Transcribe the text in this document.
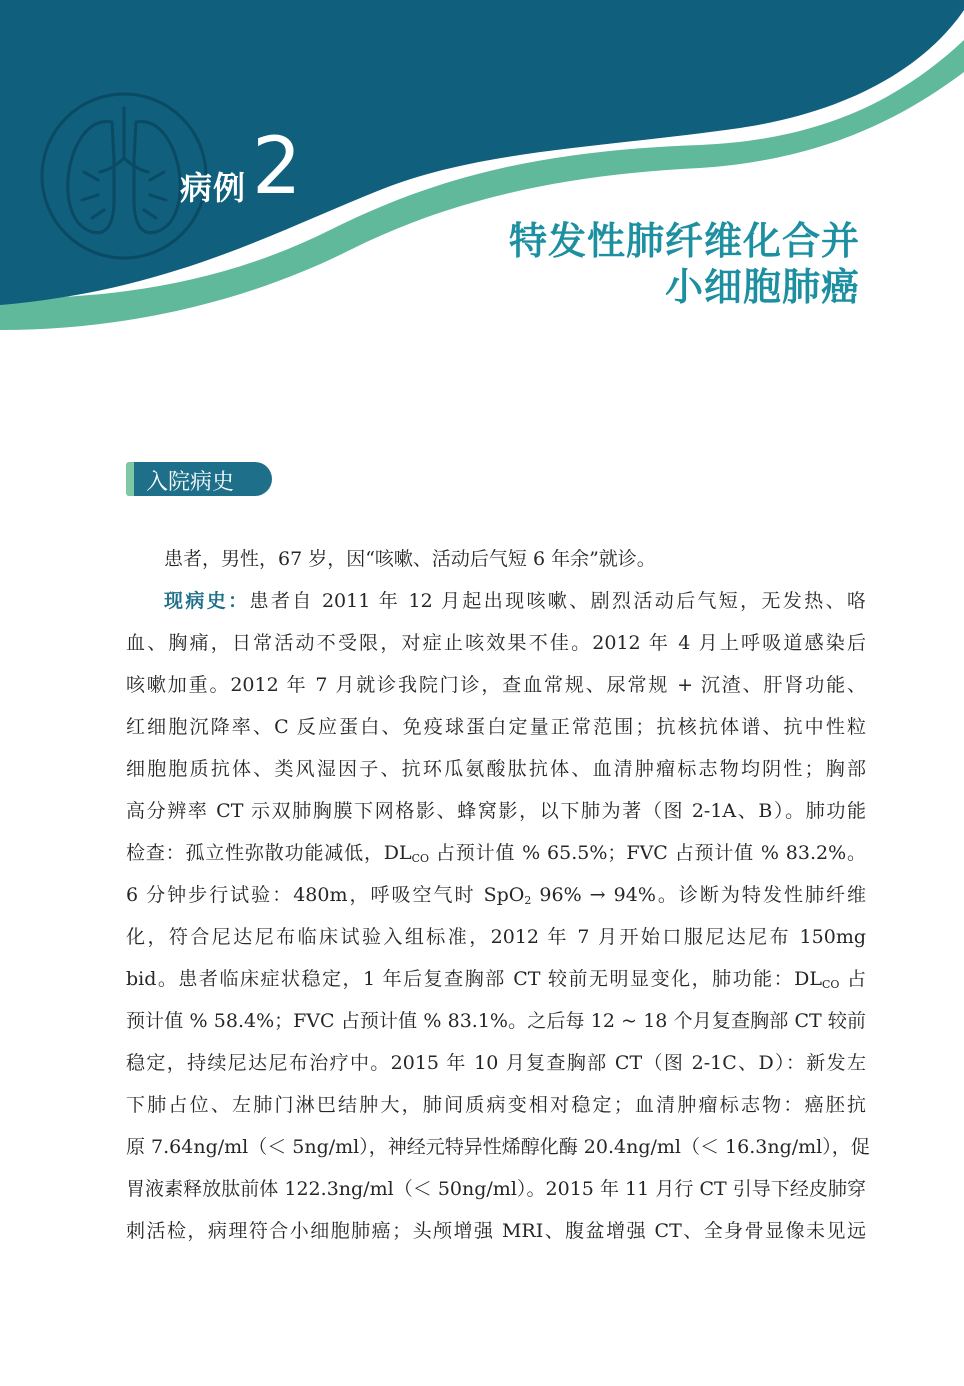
病例 2
特发性肺纤维化合并
小细胞肺癌
入院病史
患者，男性，67 岁，因“咳嗽、活动后气短 6 年余”就诊。
现病史：患者自 2011 年 12 月起出现咳嗽、剧烈活动后气短，无发热、咯
血、胸痛，日常活动不受限，对症止咳效果不佳。2012 年 4 月上呼吸道感染后
咳嗽加重。2012 年 7 月就诊我院门诊，查血常规、尿常规 + 沉渣、肝肾功能、
红细胞沉降率、C 反应蛋白、免疫球蛋白定量正常范围；抗核抗体谱、抗中性粒
细胞胞质抗体、类风湿因子、抗环瓜氨酸肽抗体、血清肿瘤标志物均阴性；胸部
高分辨率 CT 示双肺胸膜下网格影、蜂窝影，以下肺为著（图 2-1A、B）。肺功能
检查：孤立性弥散功能减低，$DL_{CO}$ 占预计值 % 65.5%；FVC 占预计值 % 83.2%。
6 分钟步行试验：480m，呼吸空气时 SpO$_2$ 96% → 94%。诊断为特发性肺纤维
化，符合尼达尼布临床试验入组标准，2012 年 7 月开始口服尼达尼布 150mg
bid。患者临床症状稳定，1 年后复查胸部 CT 较前无明显变化，肺功能：$DL_{CO}$ 占
预计值 % 58.4%；FVC 占预计值 % 83.1%。之后每 12 ~ 18 个月复查胸部 CT 较前
稳定，持续尼达尼布治疗中。2015 年 10 月复查胸部 CT（图 2-1C、D）：新发左
下肺占位、左肺门淋巴结肿大，肺间质病变相对稳定；血清肿瘤标志物：癌胚抗
原 7.64ng/ml（＜ 5ng/ml），神经元特异性烯醇化酶 20.4ng/ml（＜ 16.3ng/ml），促
胃液素释放肽前体 122.3ng/ml（＜ 50ng/ml）。2015 年 11 月行 CT 引导下经皮肺穿
刺活检，病理符合小细胞肺癌；头颅增强 MRI、腹盆增强 CT、全身骨显像未见远
